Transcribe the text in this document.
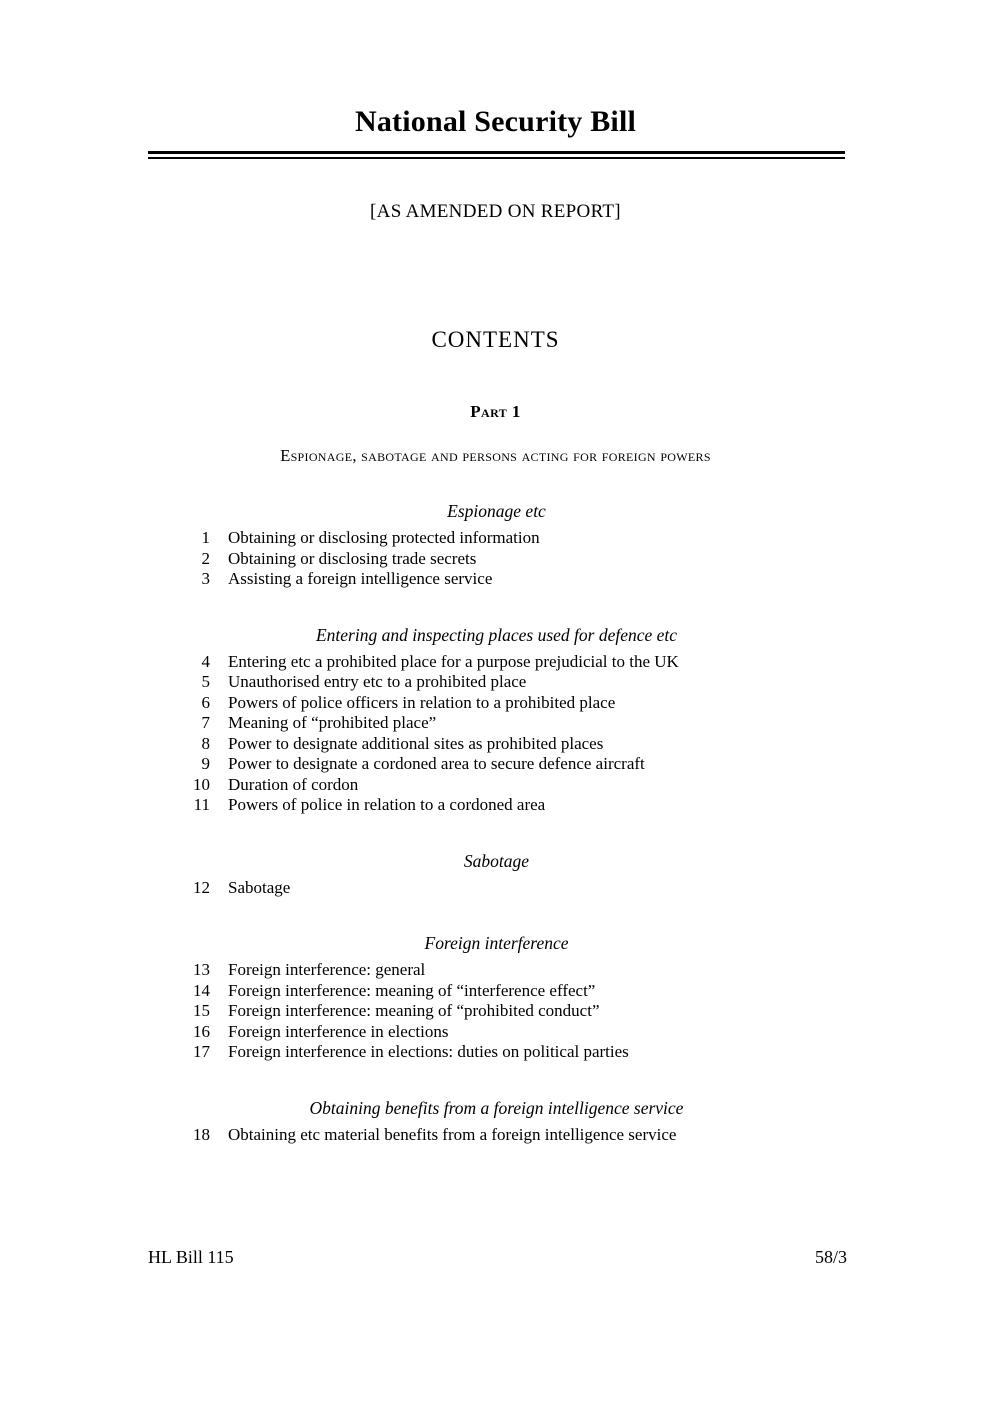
National Security Bill
[AS AMENDED ON REPORT]
CONTENTS
Part 1
Espionage, sabotage and persons acting for foreign powers
Espionage etc
1 Obtaining or disclosing protected information
2 Obtaining or disclosing trade secrets
3 Assisting a foreign intelligence service
Entering and inspecting places used for defence etc
4 Entering etc a prohibited place for a purpose prejudicial to the UK
5 Unauthorised entry etc to a prohibited place
6 Powers of police officers in relation to a prohibited place
7 Meaning of “prohibited place”
8 Power to designate additional sites as prohibited places
9 Power to designate a cordoned area to secure defence aircraft
10 Duration of cordon
11 Powers of police in relation to a cordoned area
Sabotage
12 Sabotage
Foreign interference
13 Foreign interference: general
14 Foreign interference: meaning of “interference effect”
15 Foreign interference: meaning of “prohibited conduct”
16 Foreign interference in elections
17 Foreign interference in elections: duties on political parties
Obtaining benefits from a foreign intelligence service
18 Obtaining etc material benefits from a foreign intelligence service
HL Bill 115	58/3
